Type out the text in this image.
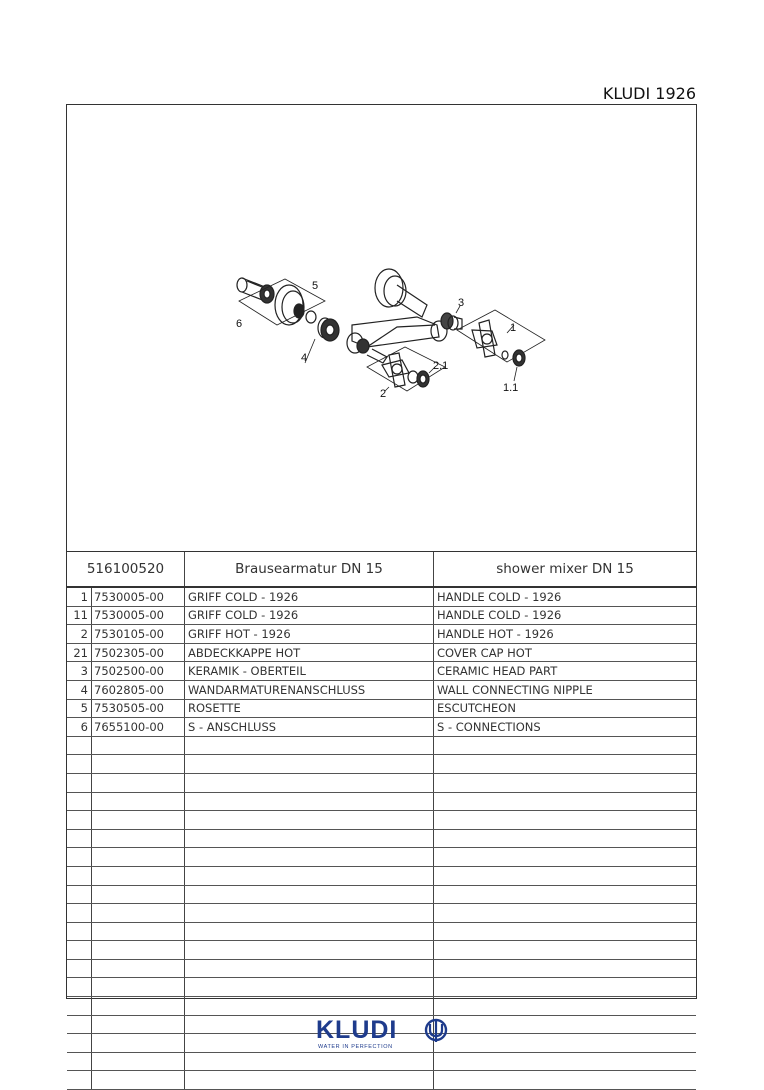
KLUDI 1926
5
6
4
3
1
1.1
2.1
2
516100520	Brausearmatur DN 15	shower mixer DN 15
1 7530005-00	GRIFF COLD - 1926	HANDLE COLD - 1926
11 7530005-00	GRIFF COLD - 1926	HANDLE COLD - 1926
2 7530105-00	GRIFF HOT - 1926	HANDLE HOT - 1926
21 7502305-00	ABDECKKAPPE HOT	COVER CAP HOT
3 7502500-00	KERAMIK - OBERTEIL	CERAMIC HEAD PART
4 7602805-00	WANDARMATURENANSCHLUSS	WALL CONNECTING NIPPLE
5 7530505-00	ROSETTE	ESCUTCHEON
6 7655100-00	S - ANSCHLUSS	S - CONNECTIONS
KLUDI
WATER IN PERFECTION
